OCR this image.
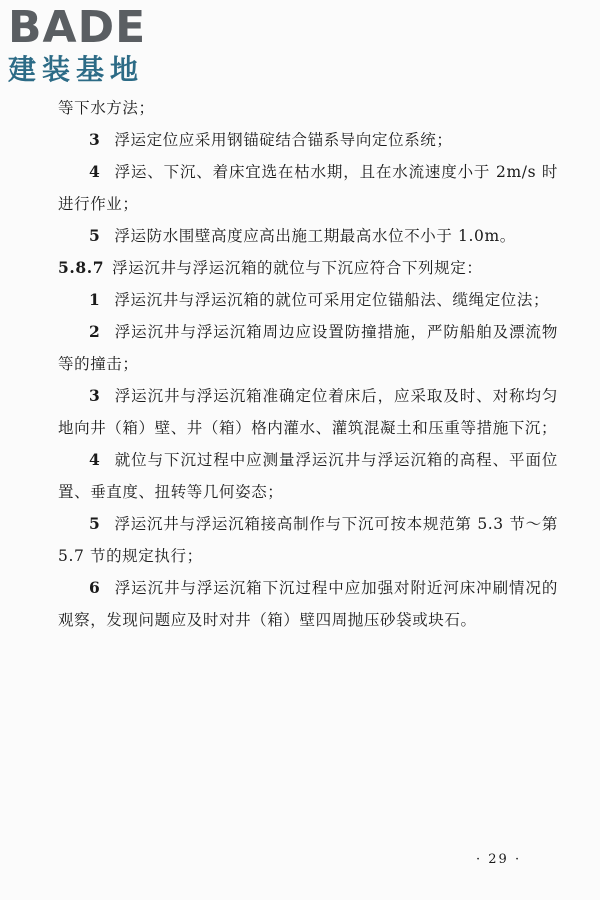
BADE
建装基地

等下水方法；

3 浮运定位应采用钢锚碇结合锚系导向定位系统；

4 浮运、下沉、着床宜选在枯水期，且在水流速度小于 2m/s 时进行作业；

5 浮运防水围壁高度应高出施工期最高水位不小于 1.0m。

5.8.7 浮运沉井与浮运沉箱的就位与下沉应符合下列规定：

1 浮运沉井与浮运沉箱的就位可采用定位锚船法、缆绳定位法；

2 浮运沉井与浮运沉箱周边应设置防撞措施，严防船舶及漂流物等的撞击；

3 浮运沉井与浮运沉箱准确定位着床后，应采取及时、对称均匀地向井（箱）壁、井（箱）格内灌水、灌筑混凝土和压重等措施下沉；

4 就位与下沉过程中应测量浮运沉井与浮运沉箱的高程、平面位置、垂直度、扭转等几何姿态；

5 浮运沉井与浮运沉箱接高制作与下沉可按本规范第 5.3 节～第 5.7 节的规定执行；

6 浮运沉井与浮运沉箱下沉过程中应加强对附近河床冲刷情况的观察，发现问题应及时对井（箱）壁四周抛压砂袋或块石。

· 29 ·
